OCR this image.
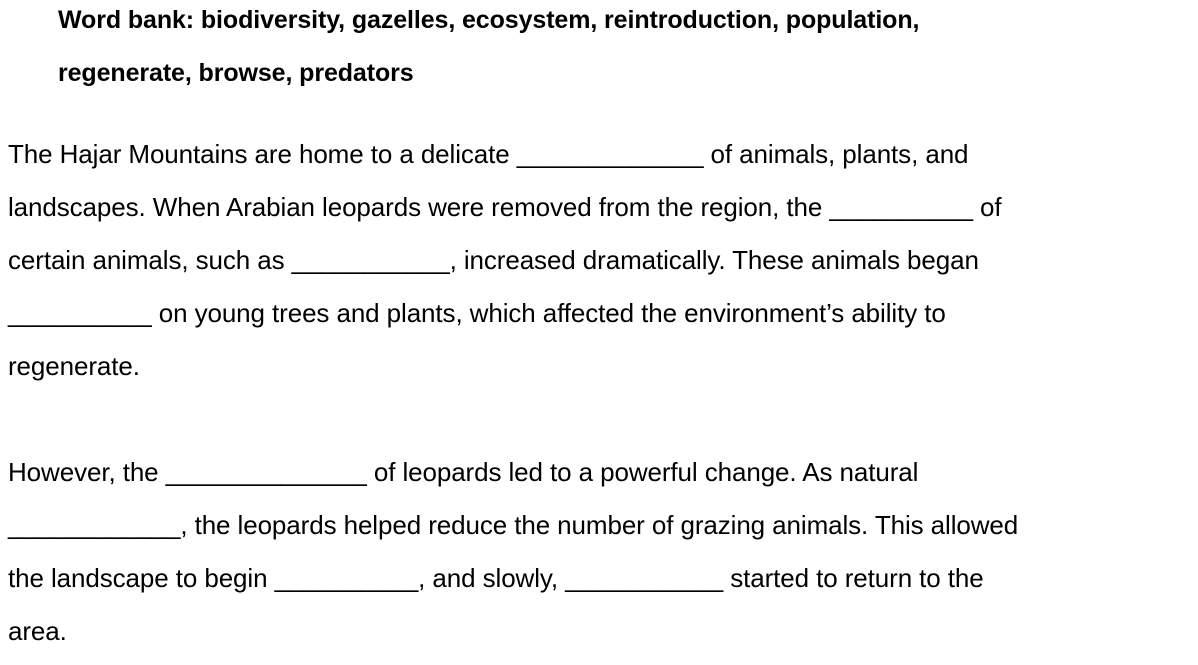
Word bank: biodiversity, gazelles, ecosystem, reintroduction, population,
regenerate, browse, predators
The Hajar Mountains are home to a delicate _____________ of animals, plants, and
landscapes. When Arabian leopards were removed from the region, the __________ of
certain animals, such as ___________, increased dramatically. These animals began
__________ on young trees and plants, which affected the environment’s ability to
regenerate.
However, the ______________ of leopards led to a powerful change. As natural
____________, the leopards helped reduce the number of grazing animals. This allowed
the landscape to begin __________, and slowly, ___________ started to return to the
area.
